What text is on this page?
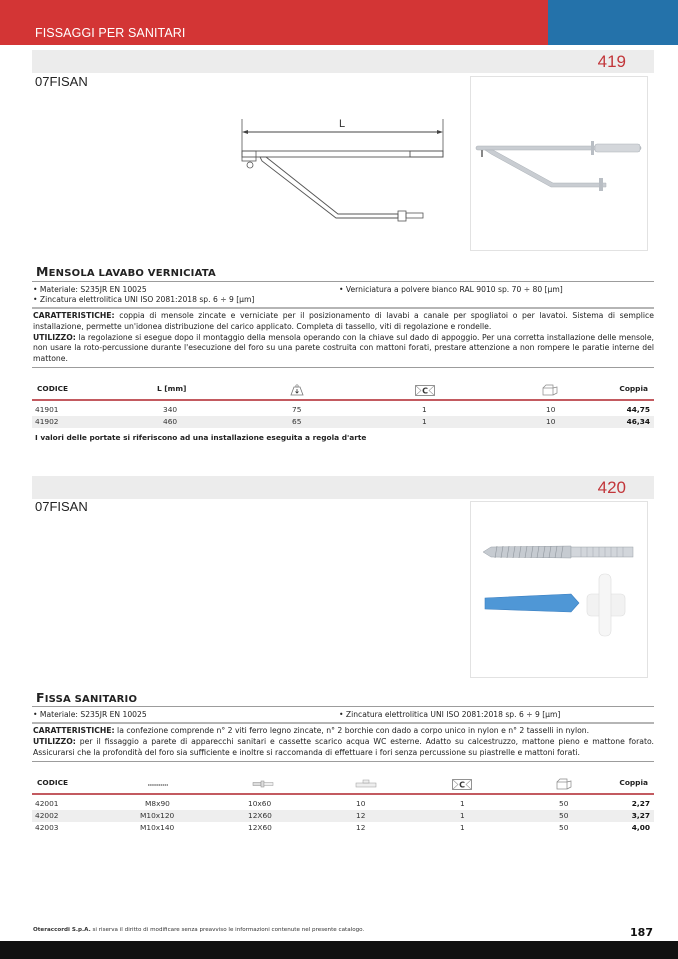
FISSAGGI PER SANITARI
419
07FISAN
L
MENSOLA LAVABO VERNICIATA
• Materiale: S235JR EN 10025	• Verniciatura a polvere bianco RAL 9010 sp. 70 ÷ 80 [µm]
• Zincatura elettrolitica UNI ISO 2081:2018 sp. 6 ÷ 9 [µm]
CARATTERISTICHE: coppia di mensole zincate e verniciate per il posizionamento di lavabi a canale per spogliatoi o per lavatoi. Sistema di semplice installazione, permette un'idonea distribuzione del carico applicato. Completa di tassello, viti di regolazione e rondelle.
UTILIZZO: la regolazione si esegue dopo il montaggio della mensola operando con la chiave sul dado di appoggio. Per una corretta installazione delle mensole, non usare la roto-percussione durante l'esecuzione del foro su una parete costruita con mattoni forati, prestare attenzione a non rompere le paratie interne del mattone.
CODICE	L [mm]	C	Coppia
41901	340	75	1	10	44,75
41902	460	65	1	10	46,34
I valori delle portate si riferiscono ad una installazione eseguita a regola d'arte
420
07FISAN
FISSA SANITARIO
• Materiale: S235JR EN 10025	• Zincatura elettrolitica UNI ISO 2081:2018 sp. 6 ÷ 9 [µm]
CARATTERISTICHE: la confezione comprende n° 2 viti ferro legno zincate, n° 2 borchie con dado a corpo unico in nylon e n° 2 tasselli in nylon.
UTILIZZO: per il fissaggio a parete di apparecchi sanitari e cassette scarico acqua WC esterne. Adatto su calcestruzzo, mattone pieno e mattone forato. Assicurarsi che la profondità del foro sia sufficiente e inoltre si raccomanda di effettuare i fori senza percussione su piastrelle e mattoni forati.
CODICE	C	Coppia
42001	M8x90	10x60	10	1	50	2,27
42002	M10x120	12X60	12	1	50	3,27
42003	M10x140	12X60	12	1	50	4,00
Oteraccordi S.p.A. si riserva il diritto di modificare senza preavviso le informazioni contenute nel presente catalogo.	187
